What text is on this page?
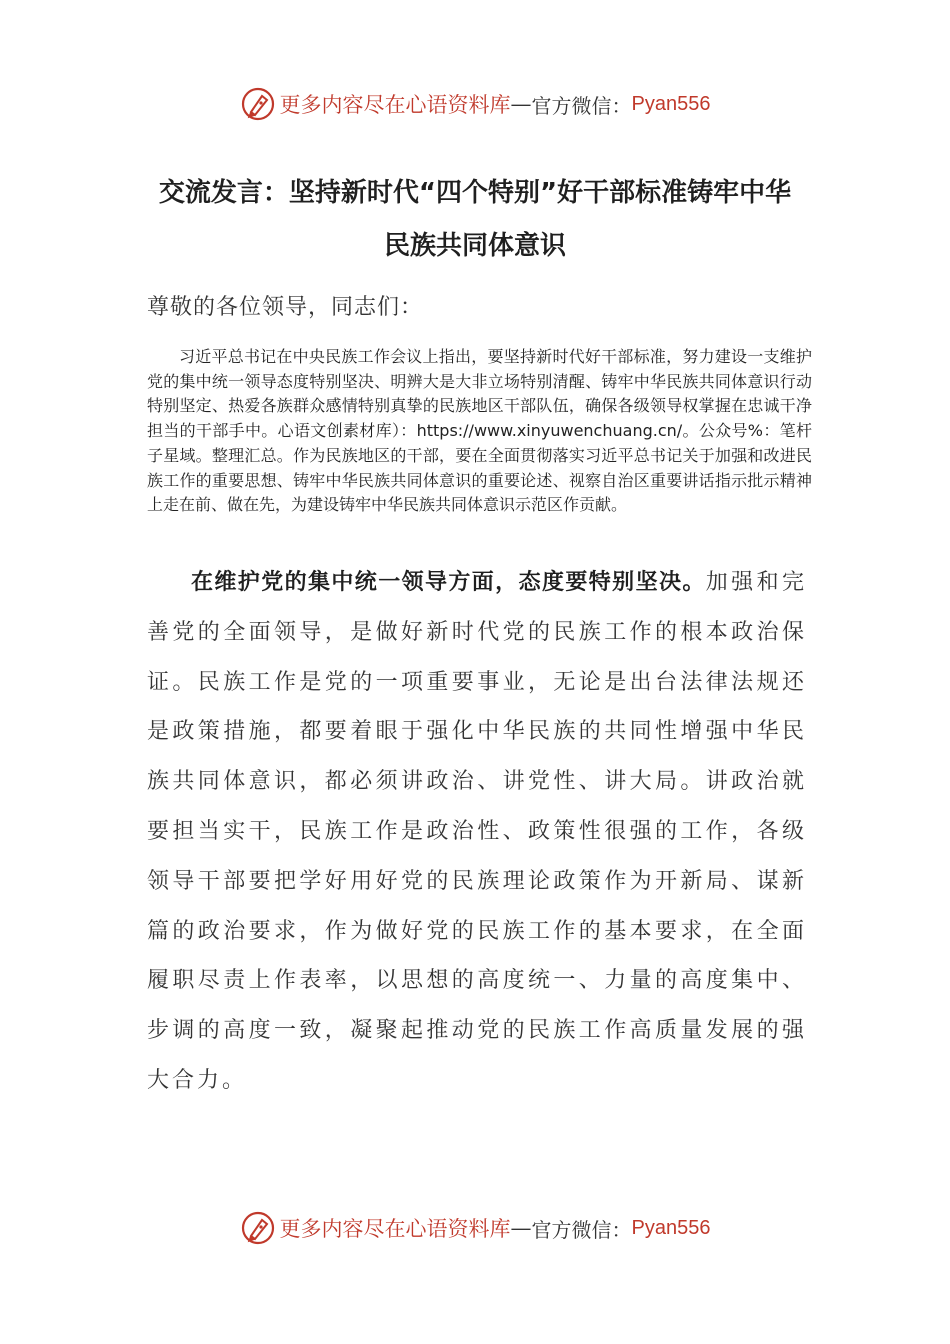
更多内容尽在心语资料库 — 官方微信： Pyan556
交流发言：坚持新时代“四个特别”好干部标准铸牢中华
民族共同体意识

尊敬的各位领导，同志们：

习近平总书记在中央民族工作会议上指出，要坚持新时代好干部标准，努力建设一支维护党的集中统一领导态度特别坚决、明辨大是大非立场特别清醒、铸牢中华民族共同体意识行动特别坚定、热爱各族群众感情特别真挚的民族地区干部队伍，确保各级领导权掌握在忠诚干净担当的干部手中。心语文创素材库）：https://www.xinyuwenchuang.cn/。公众号%：笔杆子星域。整理汇总。作为民族地区的干部，要在全面贯彻落实习近平总书记关于加强和改进民族工作的重要思想、铸牢中华民族共同体意识的重要论述、视察自治区重要讲话指示批示精神上走在前、做在先，为建设铸牢中华民族共同体意识示范区作贡献。

在维护党的集中统一领导方面，态度要特别坚决。加强和完善党的全面领导，是做好新时代党的民族工作的根本政治保证。民族工作是党的一项重要事业，无论是出台法律法规还是政策措施，都要着眼于强化中华民族的共同性增强中华民族共同体意识，都必须讲政治、讲党性、讲大局。讲政治就要担当实干，民族工作是政治性、政策性很强的工作，各级领导干部要把学好用好党的民族理论政策作为开新局、谋新篇的政治要求，作为做好党的民族工作的基本要求，在全面履职尽责上作表率，以思想的高度统一、力量的高度集中、步调的高度一致，凝聚起推动党的民族工作高质量发展的强大合力。

更多内容尽在心语资料库 — 官方微信： Pyan556
